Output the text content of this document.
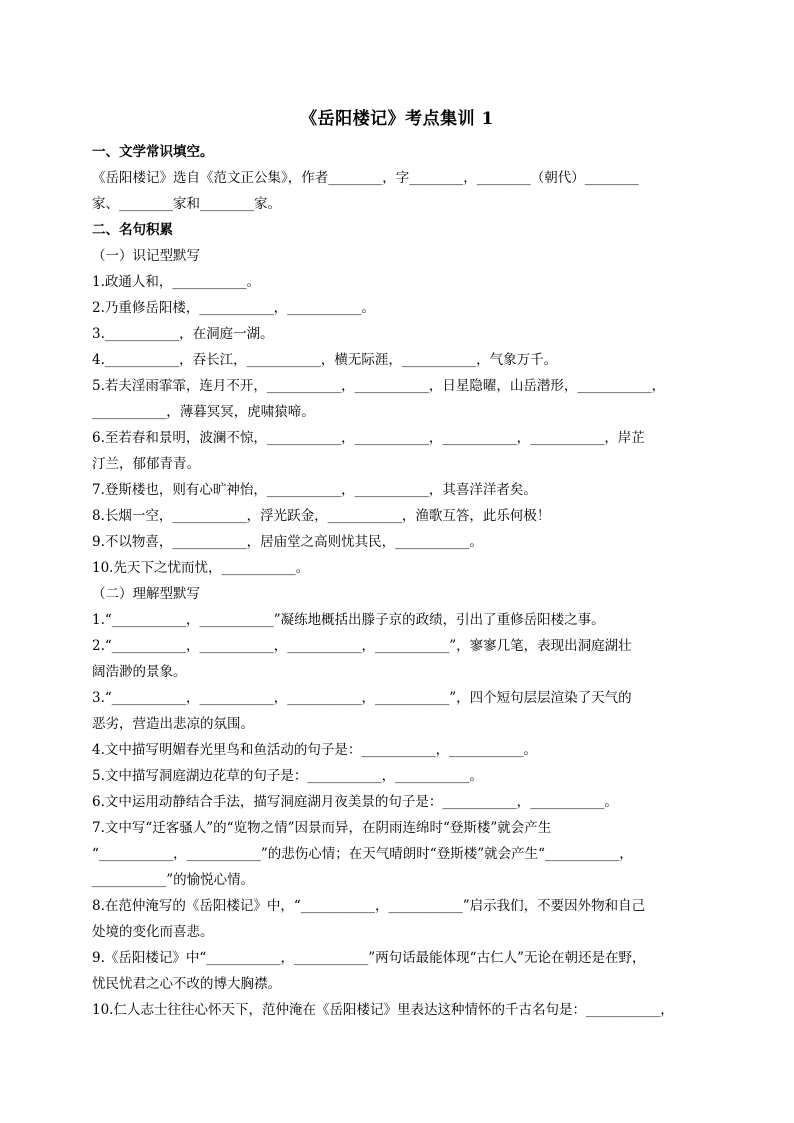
《岳阳楼记》考点集训 1
一、文学常识填空。
《岳阳楼记》选自《范文正公集》，作者________，字________，________（朝代）________
家、________家和________家。
二、名句积累
（一）识记型默写
1.政通人和，___________。
2.乃重修岳阳楼，___________，___________。
3.___________，在洞庭一湖。
4.___________，吞长江，___________，横无际涯，___________，气象万千。
5.若夫淫雨霏霏，连月不开，___________，___________，日星隐曜，山岳潜形，___________，
___________，薄暮冥冥，虎啸猿啼。
6.至若春和景明，波澜不惊，___________，___________，___________，___________，岸芷
汀兰，郁郁青青。
7.登斯楼也，则有心旷神怡，___________，___________，其喜洋洋者矣。
8.长烟一空，___________，浮光跃金，___________，渔歌互答，此乐何极！
9.不以物喜，___________，居庙堂之高则忧其民，___________。
10.先天下之忧而忧，___________。
（二）理解型默写
1.“___________，___________”凝练地概括出滕子京的政绩，引出了重修岳阳楼之事。
2.“___________，___________，___________，___________”，寥寥几笔，表现出洞庭湖壮
阔浩渺的景象。
3.“___________，___________，___________，___________”，四个短句层层渲染了天气的
恶劣，营造出悲凉的氛围。
4.文中描写明媚春光里鸟和鱼活动的句子是：___________，___________。
5.文中描写洞庭湖边花草的句子是：___________，___________。
6.文中运用动静结合手法，描写洞庭湖月夜美景的句子是：___________，___________。
7.文中写“迁客骚人”的“览物之情”因景而异，在阴雨连绵时“登斯楼”就会产生
“___________，___________”的悲伤心情；在天气晴朗时“登斯楼”就会产生“___________，
___________”的愉悦心情。
8.在范仲淹写的《岳阳楼记》中，“___________，___________”启示我们，不要因外物和自己
处境的变化而喜悲。
9.《岳阳楼记》中“___________，___________”两句话最能体现“古仁人”无论在朝还是在野，
忧民忧君之心不改的博大胸襟。
10.仁人志士往往心怀天下，范仲淹在《岳阳楼记》里表达这种情怀的千古名句是：___________，
